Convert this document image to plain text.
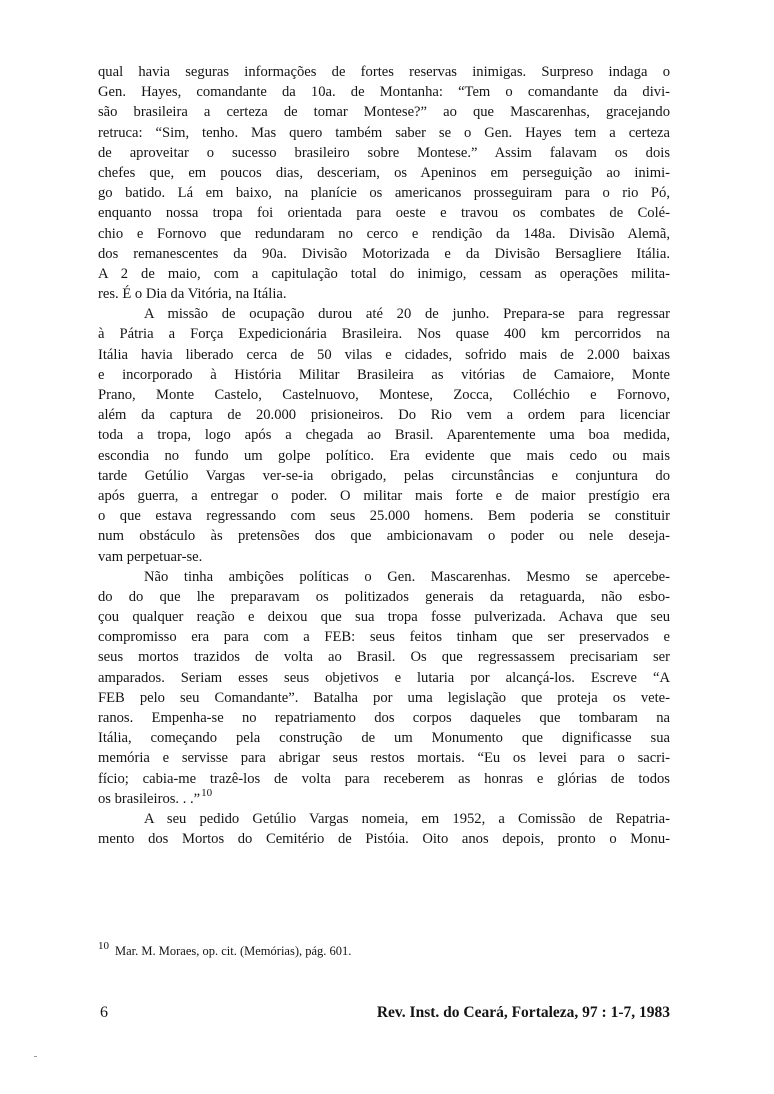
qual havia seguras informações de fortes reservas inimigas. Surpreso indaga o
Gen. Hayes, comandante da 10a. de Montanha: “Tem o comandante da divi-
são brasileira a certeza de tomar Montese?” ao que Mascarenhas, gracejando
retruca: “Sim, tenho. Mas quero também saber se o Gen. Hayes tem a certeza
de aproveitar o sucesso brasileiro sobre Montese.” Assim falavam os dois
chefes que, em poucos dias, desceriam, os Apeninos em perseguição ao inimi-
go batido. Lá em baixo, na planície os americanos prosseguiram para o rio Pó,
enquanto nossa tropa foi orientada para oeste e travou os combates de Colé-
chio e Fornovo que redundaram no cerco e rendição da 148a. Divisão Alemã,
dos remanescentes da 90a. Divisão Motorizada e da Divisão Bersagliere Itália.
A 2 de maio, com a capitulação total do inimigo, cessam as operações milita-
res. É o Dia da Vitória, na Itália.
A missão de ocupação durou até 20 de junho. Prepara-se para regressar
à Pátria a Força Expedicionária Brasileira. Nos quase 400 km percorridos na
Itália havia liberado cerca de 50 vilas e cidades, sofrido mais de 2.000 baixas
e incorporado à História Militar Brasileira as vitórias de Camaiore, Monte
Prano, Monte Castelo, Castelnuovo, Montese, Zocca, Colléchio e Fornovo,
além da captura de 20.000 prisioneiros. Do Rio vem a ordem para licenciar
toda a tropa, logo após a chegada ao Brasil. Aparentemente uma boa medida,
escondia no fundo um golpe político. Era evidente que mais cedo ou mais
tarde Getúlio Vargas ver-se-ia obrigado, pelas circunstâncias e conjuntura do
após guerra, a entregar o poder. O militar mais forte e de maior prestígio era
o que estava regressando com seus 25.000 homens. Bem poderia se constituir
num obstáculo às pretensões dos que ambicionavam o poder ou nele deseja-
vam perpetuar-se.
Não tinha ambições políticas o Gen. Mascarenhas. Mesmo se apercebe-
do do que lhe preparavam os politizados generais da retaguarda, não esbo-
çou qualquer reação e deixou que sua tropa fosse pulverizada. Achava que seu
compromisso era para com a FEB: seus feitos tinham que ser preservados e
seus mortos trazidos de volta ao Brasil. Os que regressassem precisariam ser
amparados. Seriam esses seus objetivos e lutaria por alcançá-los. Escreve “A
FEB pelo seu Comandante”. Batalha por uma legislação que proteja os vete-
ranos. Empenha-se no repatriamento dos corpos daqueles que tombaram na
Itália, começando pela construção de um Monumento que dignificasse sua
memória e servisse para abrigar seus restos mortais. “Eu os levei para o sacri-
fício; cabia-me trazê-los de volta para receberem as honras e glórias de todos
os brasileiros. . .”$^{10}$
A seu pedido Getúlio Vargas nomeia, em 1952, a Comissão de Repatria-
mento dos Mortos do Cemitério de Pistóia. Oito anos depois, pronto o Monu-
10 Mar. M. Moraes, op. cit. (Memórias), pág. 601.
6	Rev. Inst. do Ceará, Fortaleza, 97 : 1-7, 1983
